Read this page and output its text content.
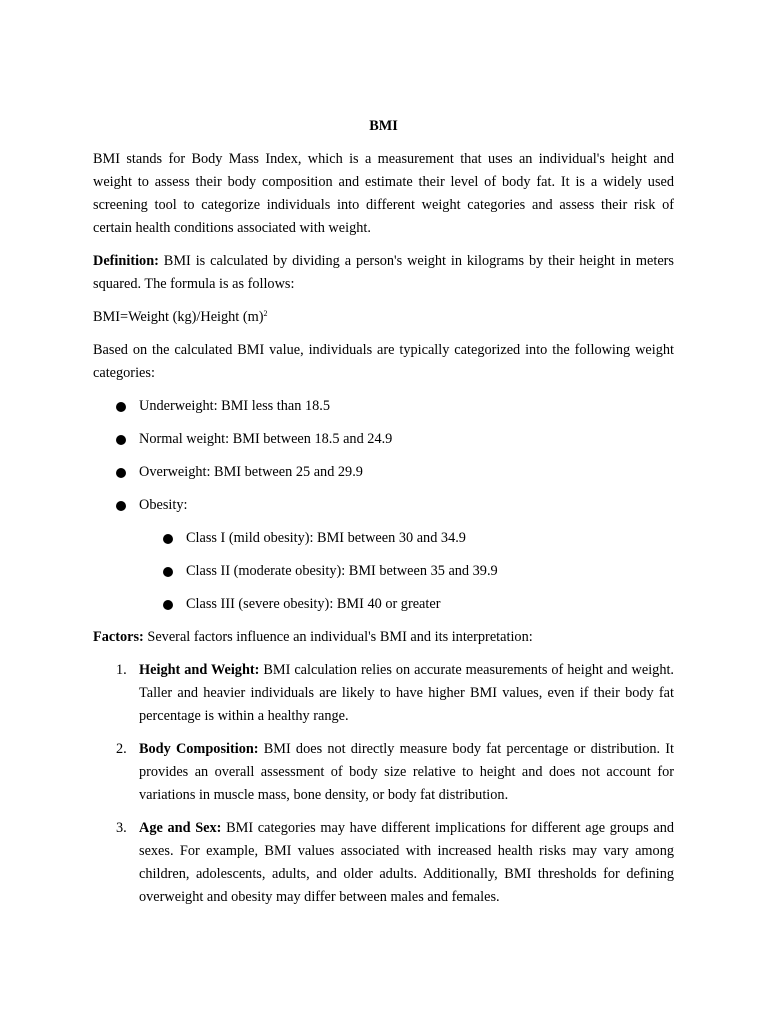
BMI

BMI stands for Body Mass Index, which is a measurement that uses an individual's height and weight to assess their body composition and estimate their level of body fat. It is a widely used screening tool to categorize individuals into different weight categories and assess their risk of certain health conditions associated with weight.

Definition: BMI is calculated by dividing a person's weight in kilograms by their height in meters squared. The formula is as follows:

BMI=Weight (kg)/Height $(m)^2$

Based on the calculated BMI value, individuals are typically categorized into the following weight categories:

Underweight: BMI less than 18.5
Normal weight: BMI between 18.5 and 24.9
Overweight: BMI between 25 and 29.9
Obesity:
Class I (mild obesity): BMI between 30 and 34.9
Class II (moderate obesity): BMI between 35 and 39.9
Class III (severe obesity): BMI 40 or greater

Factors: Several factors influence an individual's BMI and its interpretation:

1. Height and Weight: BMI calculation relies on accurate measurements of height and weight. Taller and heavier individuals are likely to have higher BMI values, even if their body fat percentage is within a healthy range.
2. Body Composition: BMI does not directly measure body fat percentage or distribution. It provides an overall assessment of body size relative to height and does not account for variations in muscle mass, bone density, or body fat distribution.
3. Age and Sex: BMI categories may have different implications for different age groups and sexes. For example, BMI values associated with increased health risks may vary among children, adolescents, adults, and older adults. Additionally, BMI thresholds for defining overweight and obesity may differ between males and females.
